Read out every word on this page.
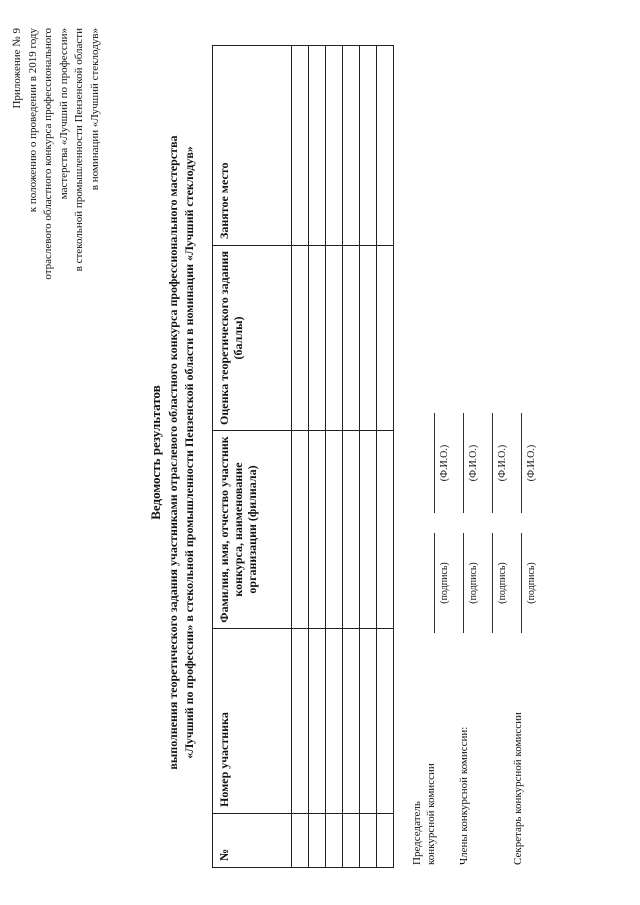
Приложение № 9 к положению о проведении в 2019 году отраслевого областного конкурса профессионального мастерства «Лучший по профессии» в стекольной промышленности Пензенской области в номинации «Лучший стеклодув»
Ведомость результатов выполнения теоретического задания участниками отраслевого областного конкурса профессионального мастерства «Лучший по профессии» в стекольной промышленности Пензенской области в номинации «Лучший стеклодув»
№	Номер участника	Фамилия, имя, отчество участник конкурса, наименование организации (филиала)	Оценка теоретического задания (баллы)	Занятое место

Председатель конкурсной комиссии Члены конкурсной комиссии:	Секретарь конкурсной комиссии
(подпись)
(Ф.И.О.)
(подпись)
(Ф.И.О.)
(подпись)
(Ф.И.О.)
(подпись)
(Ф.И.О.)
